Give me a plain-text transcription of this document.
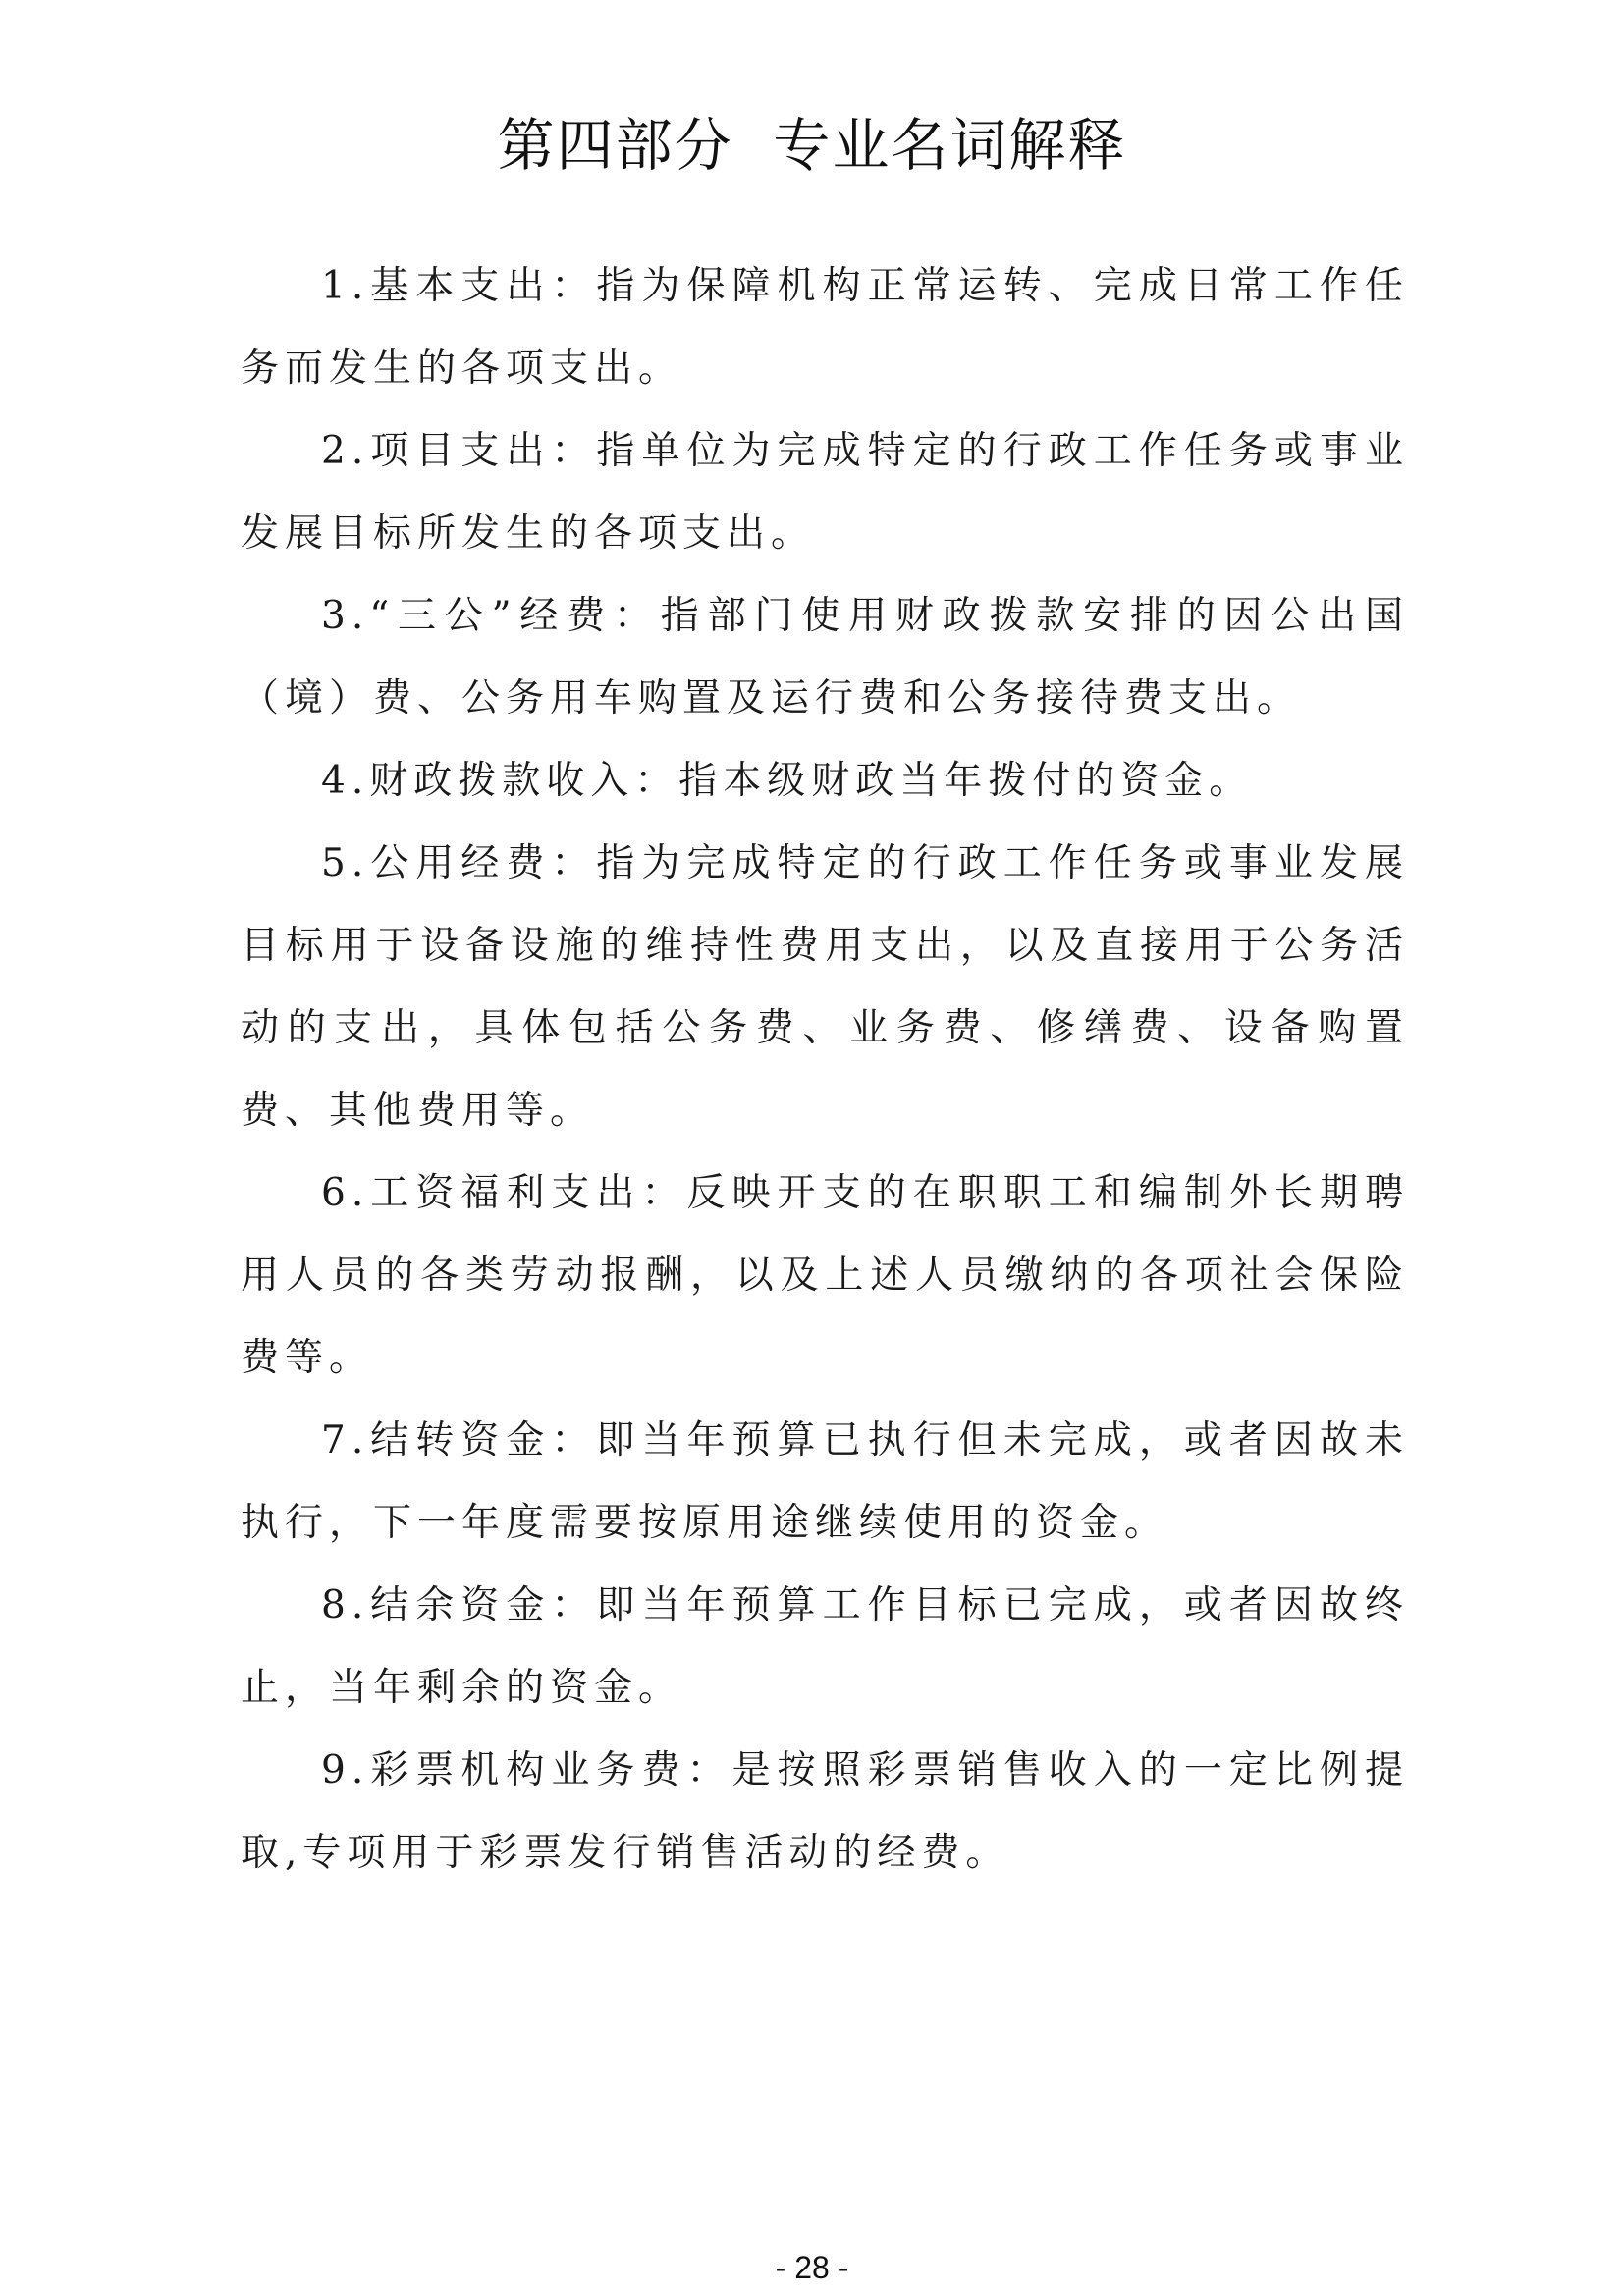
第四部分  专业名词解释

1.基本支出：指为保障机构正常运转、完成日常工作任务而发生的各项支出。

2.项目支出：指单位为完成特定的行政工作任务或事业发展目标所发生的各项支出。

3.“三公”经费：指部门使用财政拨款安排的因公出国（境）费、公务用车购置及运行费和公务接待费支出。

4.财政拨款收入：指本级财政当年拨付的资金。

5.公用经费：指为完成特定的行政工作任务或事业发展目标用于设备设施的维持性费用支出，以及直接用于公务活动的支出，具体包括公务费、业务费、修缮费、设备购置费、其他费用等。

6.工资福利支出：反映开支的在职职工和编制外长期聘用人员的各类劳动报酬，以及上述人员缴纳的各项社会保险费等。

7.结转资金：即当年预算已执行但未完成，或者因故未执行，下一年度需要按原用途继续使用的资金。

8.结余资金：即当年预算工作目标已完成，或者因故终止，当年剩余的资金。

9.彩票机构业务费：是按照彩票销售收入的一定比例提取,专项用于彩票发行销售活动的经费。

- 28 -
